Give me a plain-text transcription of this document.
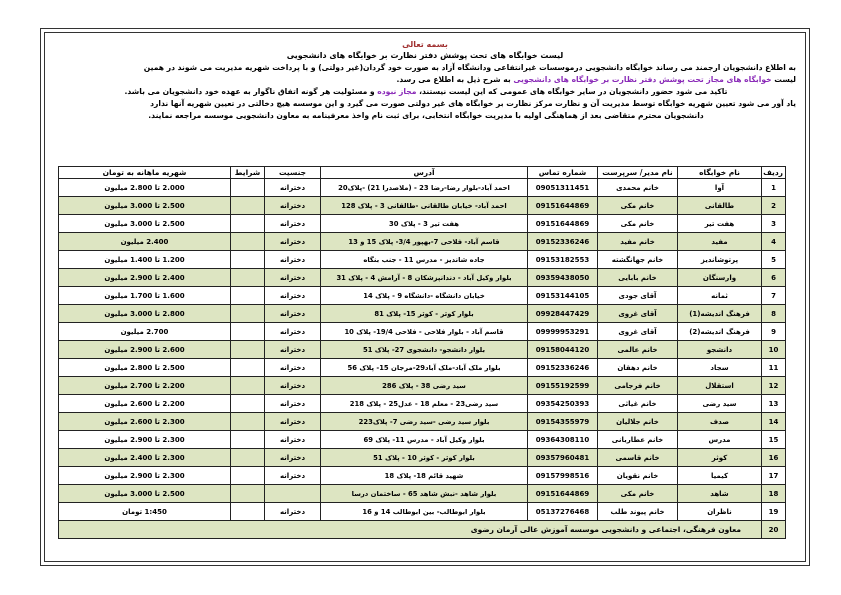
بسمه تعالی
لیست خوابگاه های تحت پوشش دفتر نظارت بر خوابگاه های دانشجویی
به اطلاع دانشجویان ارجمند می رساند خوابگاه دانشجویی درموسسات غیرانتفاعی ودانشگاه آزاد به صورت خود گردان(غیر دولتی) و با پرداخت شهریه مدیریت می شوند در همین
لیست خوابگاه های مجاز تحت پوشش دفتر نظارت بر خوابگاه های دانشجویی به شرح ذیل به اطلاع می رسد.
تاکید می شود حضور دانشجویان در سایر خوابگاه های عمومی که این لیست نیستند، مجاز نبوده و مسئولیت هر گونه اتفاق ناگوار به عهده خود دانشجویان می باشد.
یاد آور می شود تعیین شهریه خوابگاه توسط مدیریت آن و نظارت مرکز نظارت بر خوابگاه های غیر دولتی صورت می گیرد و این موسسه هیچ دخالتی در تعیین شهریه آنها ندارد
دانشجویان محترم متقاضی بعد از هماهنگی اولیه با مدیریت خوابگاه انتخابی، برای ثبت نام واخذ معرفینامه به معاون دانشجویی موسسه مراجعه نمایند.
ردیف	نام خوابگاه	نام مدیر/ سرپرست	شماره تماس	آدرس	جنسیت	شرایط	شهریه ماهانه به تومان
1	آوا	خانم محمدی	09051311451	احمد آباد-بلوار رضا-رضا 23 - (ملاصدرا 21) -پلاک20	دخترانه		2.000 تا 2.800 میلیون
2	طالقانی	خانم مکی	09151644869	احمد آباد- خیابان طالقانی -طالقانی 3 - پلاک 128	دخترانه		2.500 تا 3.000 میلیون
3	هفت تیر	خانم مکی	09151644869	هفت تیر 3 - پلاک 30	دخترانه		2.500 تا 3.000 میلیون
4	مفید	خانم مفید	09152336246	قاسم آباد- فلاحی 7-بهپور 3/4- پلاک 15 و 13	دخترانه		2.400 میلیون
5	پرتوشاندیز	خانم جهانگشته	09153182553	جاده شاندیز - مدرس 11 - جنب بنگاه	دخترانه		1.200 تا 1.400 میلیون
6	وارسنگان	خانم بابایی	09359438050	بلوار وکیل آباد - دندانپزشکان 8 - آرامش 4 - پلاک 31	دخترانه		2.400 تا 2.900 میلیون
7	ثمانه	آقای جودی	09153144105	خیابان دانشگاه -دانشگاه 9 - پلاک 14	دخترانه		1.600 تا 1.700 میلیون
8	فرهنگ اندیشه(1)	آقای غروی	09928447429	بلوار کوثر - کوثر 15- پلاک 81	دخترانه		2.800 تا 3.000 میلیون
9	فرهنگ اندیشه(2)	آقای غروی	09999953291	قاسم آباد - بلوار فلاحی - فلاحی 19/4- پلاک 10	دخترانه		2.700 میلیون
10	دانشجو	خانم عالمی	09158044120	بلوار دانشجو- دانشجوی 27- پلاک 51	دخترانه		2.600 تا 2.900 میلیون
11	سجاد	خانم دهقان	09152336246	بلوار ملک آباد-ملک آباد29-مرجان 15- پلاک 56	دخترانه		2.500 تا 2.800 میلیون
12	استقلال	خانم فرجامی	09155192599	سید رضی 38 - پلاک 286	دخترانه		2.200 تا 2.700 میلیون
13	سید رضی	خانم غیاثی	09354250393	سید رضی23 - معلم 18 - عدل25 - پلاک 218	دخترانه		2.200 تا 2.600 میلیون
14	صدف	خانم جلالیان	09154355979	بلوار سید رضی -سید رضی 7- پلاک223	دخترانه		2.300 تا 2.600 میلیون
15	مدرس	خانم عطاربانی	09364308110	بلوار وکیل آباد - مدرس 11- پلاک 69	دخترانه		2.300 تا 2.900 میلیون
16	کوثر	خانم قاسمی	09357960481	بلوار کوثر - کوثر 10 - پلاک 51	دخترانه		2.300 تا 2.400 میلیون
17	کیمیا	خانم نقویان	09157998516	شهید قائم 18- پلاک 18	دخترانه		2.300 تا 2.900 میلیون
18	شاهد	خانم مکی	09151644869	بلوار شاهد -نبش شاهد 65 - ساختمان درسا			2.500 تا 3.000 میلیون
19	ناظران	خانم پیوند طلب	05137276468	بلوار ابوطالب- بین ابوطالب 14 و 16	دخترانه		1:450 تومان
20	معاون فرهنگی، اجتماعی و دانشجویی موسسه آموزش عالی آرمان رضوی						
